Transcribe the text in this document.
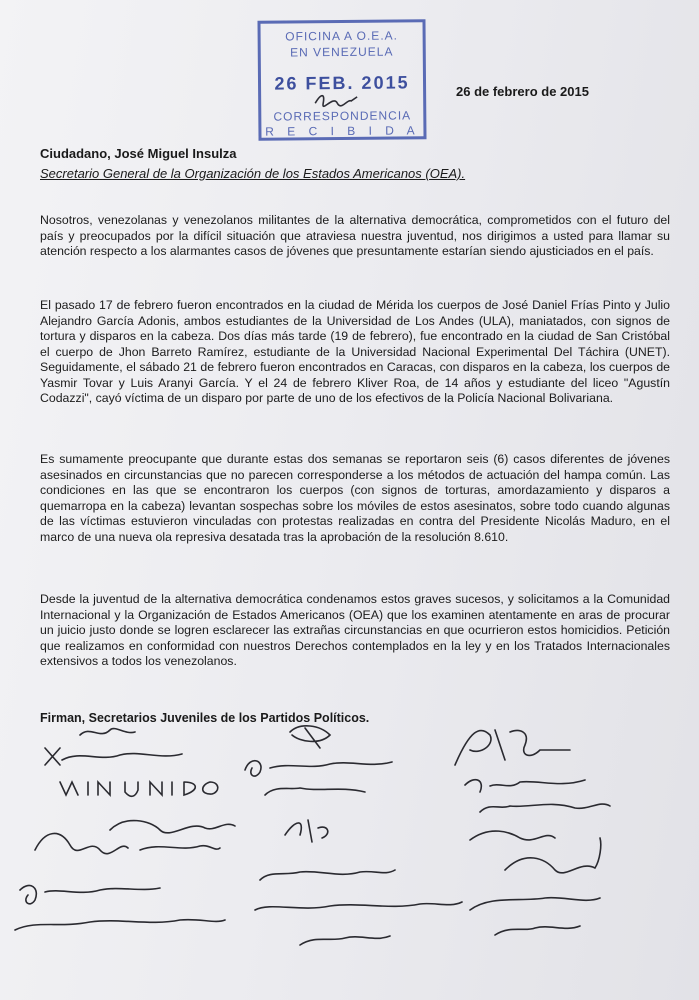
OFICINA A O.E.A.
EN VENEZUELA
26 FEB. 2015
CORRESPONDENCIA
R E C I B I D A
26 de febrero de 2015
Ciudadano, José Miguel Insulza
Secretario General de la Organización de los Estados Americanos (OEA).

Nosotros, venezolanas y venezolanos militantes de la alternativa democrática, comprometidos con el futuro del país y preocupados por la difícil situación que atraviesa nuestra juventud, nos dirigimos a usted para llamar su atención respecto a los alarmantes casos de jóvenes que presuntamente estarían siendo ajusticiados en el país.

El pasado 17 de febrero fueron encontrados en la ciudad de Mérida los cuerpos de José Daniel Frías Pinto y Julio Alejandro García Adonis, ambos estudiantes de la Universidad de Los Andes (ULA), maniatados, con signos de tortura y disparos en la cabeza. Dos días más tarde (19 de febrero), fue encontrado en la ciudad de San Cristóbal el cuerpo de Jhon Barreto Ramírez, estudiante de la Universidad Nacional Experimental Del Táchira (UNET). Seguidamente, el sábado 21 de febrero fueron encontrados en Caracas, con disparos en la cabeza, los cuerpos de Yasmir Tovar y Luis Aranyi García. Y el 24 de febrero Kliver Roa, de 14 años y estudiante del liceo "Agustín Codazzi", cayó víctima de un disparo por parte de uno de los efectivos de la Policía Nacional Bolivariana.

Es sumamente preocupante que durante estas dos semanas se reportaron seis (6) casos diferentes de jóvenes asesinados en circunstancias que no parecen corresponderse a los métodos de actuación del hampa común. Las condiciones en las que se encontraron los cuerpos (con signos de torturas, amordazamiento y disparos a quemarropa en la cabeza) levantan sospechas sobre los móviles de estos asesinatos, sobre todo cuando algunas de las víctimas estuvieron vinculadas con protestas realizadas en contra del Presidente Nicolás Maduro, en el marco de una nueva ola represiva desatada tras la aprobación de la resolución 8.610.

Desde la juventud de la alternativa democrática condenamos estos graves sucesos, y solicitamos a la Comunidad Internacional y la Organización de Estados Americanos (OEA) que los examinen atentamente en aras de procurar un juicio justo donde se logren esclarecer las extrañas circunstancias en que ocurrieron estos homicidios. Petición que realizamos en conformidad con nuestros Derechos contemplados en la ley y en los Tratados Internacionales extensivos a todos los venezolanos.

Firman, Secretarios Juveniles de los Partidos Políticos.
